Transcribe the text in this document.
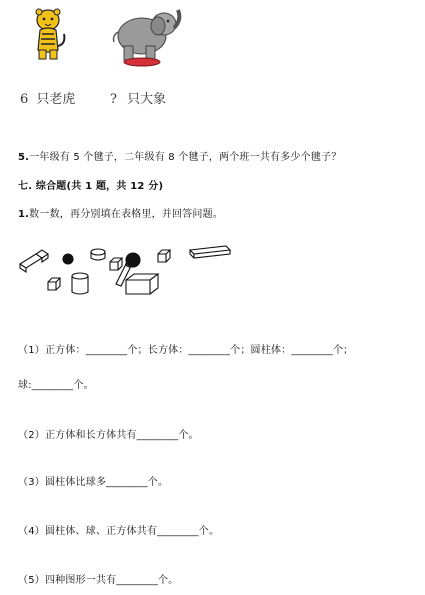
6 只老虎	? 只大象
5.一年级有 5 个毽子，二年级有 8 个毽子，两个班一共有多少个毽子？
七. 综合题(共 1 题，共 12 分)
1.数一数，再分别填在表格里，并回答问题。
（1）正方体：________个；长方体：________个；圆柱体：________个；
球:________个。
（2）正方体和长方体共有________个。
（3）圆柱体比球多________个。
（4）圆柱体、球、正方体共有________个。
（5）四种图形一共有________个。
